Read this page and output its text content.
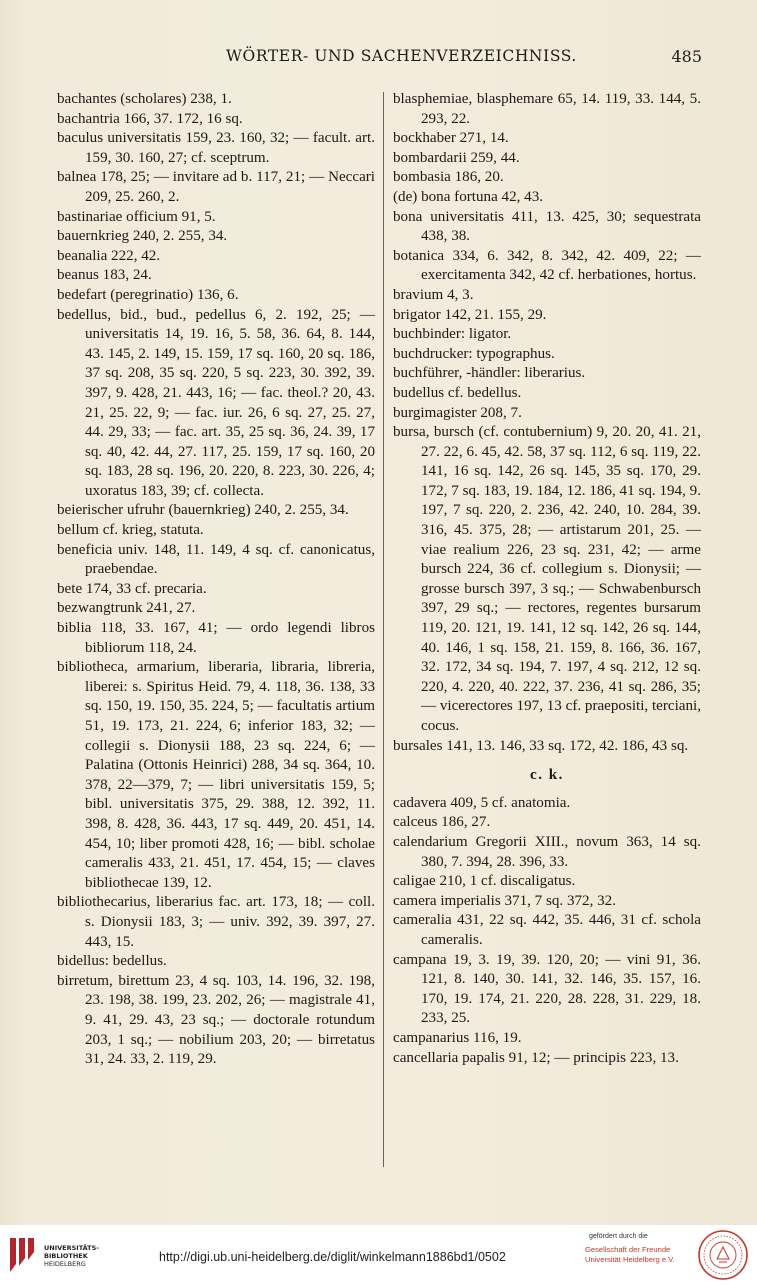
WÖRTER- UND SACHENVERZEICHNISS.	485

bachantes (scholares) 238, 1.

bachantria 166, 37. 172, 16 sq.

baculus universitatis 159, 23. 160, 32; — facult. art. 159, 30. 160, 27; cf. sceptrum.

balnea 178, 25; — invitare ad b. 117, 21; — Neccari 209, 25. 260, 2.

bastinariae officium 91, 5.

bauernkrieg 240, 2. 255, 34.

beanalia 222, 42.

beanus 183, 24.

bedefart (peregrinatio) 136, 6.

bedellus, bid., bud., pedellus 6, 2. 192, 25; — universitatis 14, 19. 16, 5. 58, 36. 64, 8. 144, 43. 145, 2. 149, 15. 159, 17 sq. 160, 20 sq. 186, 37 sq. 208, 35 sq. 220, 5 sq. 223, 30. 392, 39. 397, 9. 428, 21. 443, 16; — fac. theol.? 20, 43. 21, 25. 22, 9; — fac. iur. 26, 6 sq. 27, 25. 27, 44. 29, 33; — fac. art. 35, 25 sq. 36, 24. 39, 17 sq. 40, 42. 44, 27. 117, 25. 159, 17 sq. 160, 20 sq. 183, 28 sq. 196, 20. 220, 8. 223, 30. 226, 4; uxoratus 183, 39; cf. collecta.

beierischer ufruhr (bauernkrieg) 240, 2. 255, 34.

bellum cf. krieg, statuta.

beneficia univ. 148, 11. 149, 4 sq. cf. canonicatus, praebendae.

bete 174, 33 cf. precaria.

bezwangtrunk 241, 27.

biblia 118, 33. 167, 41; — ordo legendi libros bibliorum 118, 24.

bibliotheca, armarium, liberaria, libraria, libreria, liberei: s. Spiritus Heid. 79, 4. 118, 36. 138, 33 sq. 150, 19. 150, 35. 224, 5; — facultatis artium 51, 19. 173, 21. 224, 6; inferior 183, 32; — collegii s. Dionysii 188, 23 sq. 224, 6; — Palatina (Ottonis Heinrici) 288, 34 sq. 364, 10. 378, 22—379, 7; — libri universitatis 159, 5; bibl. universitatis 375, 29. 388, 12. 392, 11. 398, 8. 428, 36. 443, 17 sq. 449, 20. 451, 14. 454, 10; liber promoti 428, 16; — bibl. scholae cameralis 433, 21. 451, 17. 454, 15; — claves bibliothecae 139, 12.

bibliothecarius, liberarius fac. art. 173, 18; — coll. s. Dionysii 183, 3; — univ. 392, 39. 397, 27. 443, 15.

bidellus: bedellus.

birretum, birettum 23, 4 sq. 103, 14. 196, 32. 198, 23. 198, 38. 199, 23. 202, 26; — magistrale 41, 9. 41, 29. 43, 23 sq.; — doctorale rotundum 203, 1 sq.; — nobilium 203, 20; — birretatus 31, 24. 33, 2. 119, 29.

blasphemiae, blasphemare 65, 14. 119, 33. 144, 5. 293, 22.

bockhaber 271, 14.

bombardarii 259, 44.

bombasia 186, 20.

(de) bona fortuna 42, 43.

bona universitatis 411, 13. 425, 30; sequestrata 438, 38.

botanica 334, 6. 342, 8. 342, 42. 409, 22; — exercitamenta 342, 42 cf. herbationes, hortus.

bravium 4, 3.

brigator 142, 21. 155, 29.

buchbinder: ligator.

buchdrucker: typographus.

buchführer, -händler: liberarius.

budellus cf. bedellus.

burgimagister 208, 7.

bursa, bursch (cf. contubernium) 9, 20. 20, 41. 21, 27. 22, 6. 45, 42. 58, 37 sq. 112, 6 sq. 119, 22. 141, 16 sq. 142, 26 sq. 145, 35 sq. 170, 29. 172, 7 sq. 183, 19. 184, 12. 186, 41 sq. 194, 9. 197, 7 sq. 220, 2. 236, 42. 240, 10. 284, 39. 316, 45. 375, 28; — artistarum 201, 25. — viae realium 226, 23 sq. 231, 42; — arme bursch 224, 36 cf. collegium s. Dionysii; — grosse bursch 397, 3 sq.; — Schwabenbursch 397, 29 sq.; — rectores, regentes bursarum 119, 20. 121, 19. 141, 12 sq. 142, 26 sq. 144, 40. 146, 1 sq. 158, 21. 159, 8. 166, 36. 167, 32. 172, 34 sq. 194, 7. 197, 4 sq. 212, 12 sq. 220, 4. 220, 40. 222, 37. 236, 41 sq. 286, 35; — vicerectores 197, 13 cf. praepositi, terciani, cocus.

bursales 141, 13. 146, 33 sq. 172, 42. 186, 43 sq.

c. k.

cadavera 409, 5 cf. anatomia.

calceus 186, 27.

calendarium Gregorii XIII., novum 363, 14 sq. 380, 7. 394, 28. 396, 33.

caligae 210, 1 cf. discaligatus.

camera imperialis 371, 7 sq. 372, 32.

cameralia 431, 22 sq. 442, 35. 446, 31 cf. schola cameralis.

campana 19, 3. 19, 39. 120, 20; — vini 91, 36. 121, 8. 140, 30. 141, 32. 146, 35. 157, 16. 170, 19. 174, 21. 220, 28. 228, 31. 229, 18. 233, 25.

campanarius 116, 19.

cancellaria papalis 91, 12; — principis 223, 13.

UNIVERSITÄTS-
BIBLIOTHEK
HEIDELBERG	http://digi.ub.uni-heidelberg.de/diglit/winkelmann1886bd1/0502
gefördert durch die
Gesellschaft der Freunde
Universität Heidelberg e.V.
